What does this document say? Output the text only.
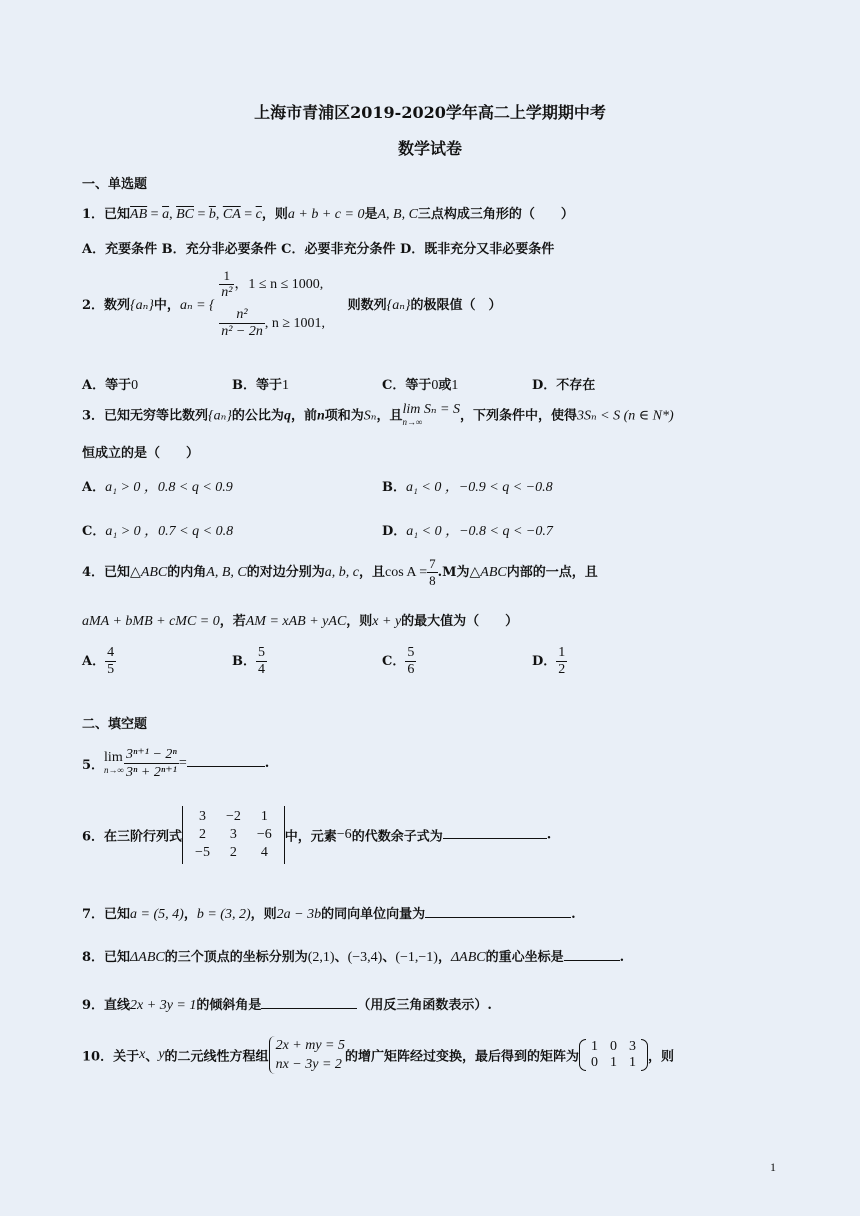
上海市青浦区2019-2020学年高二上学期期中考
数学试卷
一、单选题
1．已知$\overline{AB} = \overline{a}$, $\overline{BC} = \overline{b}$, $\overline{CA} = \overline{c}$，则a + b + c = 0是A, B, C三点构成三角形的（　　）
A．充要条件 B．充分非必要条件 C．必要非充分条件 D．既非充分又非必要条件
2．数列{aₙ}中，aₙ = {
$\frac{1}{\text{n²}}$ ，1 ≤ n ≤ 1000,
$\frac{\text{n²}}{\text{n² − 2n}}$ , n ≥ 1001,
则数列{aₙ}的极限值（　）
A．等于0	B．等于1	C．等于0或1	D．不存在
3．已知无穷等比数列{aₙ}的公比为q，前n项和为Sₙ，且lim Sₙ = S
n→∞	，下列条件中，使得3Sₙ < S (n ∈ N*)
恒成立的是（　　）
A．a₁ > 0 ，0.8 < q < 0.9	B．a₁ < 0 ，−0.9 < q < −0.8
C．a₁ > 0 ，0.7 < q < 0.8	D．a₁ < 0 ，−0.8 < q < −0.7
4．已知△ABC的内角A, B, C的对边分别为a, b, c，且$\cos A = \frac{7}{8} .M$为△ABC内部的一点，且
aMA + bMB + cMC = 0，若AM = xAB + yAC，则x + y的最大值为（　　）
A． $\frac{4}{5}$	B． $\frac{5}{4}$	C． $\frac{5}{6}$	D． $\frac{1}{2}$
二、填空题
5．lim
$n\to\infty \frac{\text{3ⁿ⁺¹ − 2ⁿ}}{\text{3ⁿ + 2ⁿ⁺¹}}$ =	.
6．在三阶行列式
3	−2	1
2	3	−6
−5	2	4
中，元素−6的代数余子式为	.
7．已知a = (5, 4)，b = (3, 2)，则2a − 3b的同向单位向量为	.
8．已知ΔABC的三个顶点的坐标分别为(2,1)、(−3,4)、(−1,−1)，ΔABC的重心坐标是	.
9．直线2x + 3y = 1的倾斜角是	（用反三角函数表示）.
10．关于x、y的二元线性方程组2x + my = 5
nx − 3y = 2 的增广矩阵经过变换，最后得到的矩阵为
1	0	3
0	1	1 ，则
1
